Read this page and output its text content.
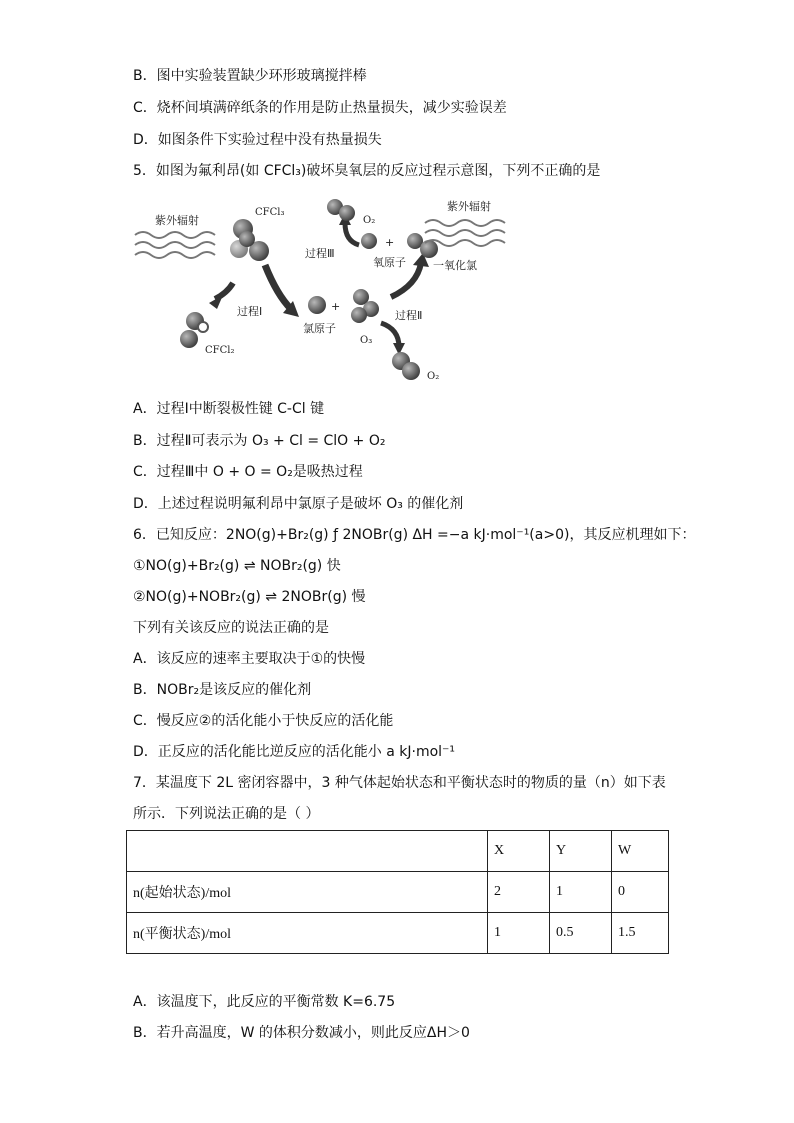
B．图中实验装置缺少环形玻璃搅拌棒
C．烧杯间填满碎纸条的作用是防止热量损失，减少实验误差
D．如图条件下实验过程中没有热量损失
5．如图为氟利昂(如 CFCl₃)破坏臭氧层的反应过程示意图，下列不正确的是
紫外辐射
CFCl₃
过程Ⅰ
CFCl₂
+
氯原子
O₃
O₂
过程Ⅱ
一氧化氯
+
氧原子
过程Ⅲ
O₂
紫外辐射
A．过程Ⅰ中断裂极性键 C-Cl 键
B．过程Ⅱ可表示为 O₃ + Cl = ClO + O₂
C．过程Ⅲ中 O + O = O₂是吸热过程
D．上述过程说明氟利昂中氯原子是破坏 O₃ 的催化剂
6．已知反应：2NO(g)+Br₂(g) ƒ 2NOBr(g) ΔH =−a kJ·mol⁻¹(a>0)，其反应机理如下：
①NO(g)+Br₂(g) ⇌ NOBr₂(g) 快
②NO(g)+NOBr₂(g) ⇌ 2NOBr(g) 慢
下列有关该反应的说法正确的是
A．该反应的速率主要取决于①的快慢
B．NOBr₂是该反应的催化剂
C．慢反应②的活化能小于快反应的活化能
D．正反应的活化能比逆反应的活化能小 a kJ·mol⁻¹
7．某温度下 2L 密闭容器中，3 种气体起始状态和平衡状态时的物质的量（n）如下表
所示．下列说法正确的是（ ）
	X	Y	W
n(起始状态)/mol	2	1	0
n(平衡状态)/mol	1	0.5	1.5
A．该温度下，此反应的平衡常数 K=6.75
B．若升高温度，W 的体积分数减小，则此反应ΔH＞0
